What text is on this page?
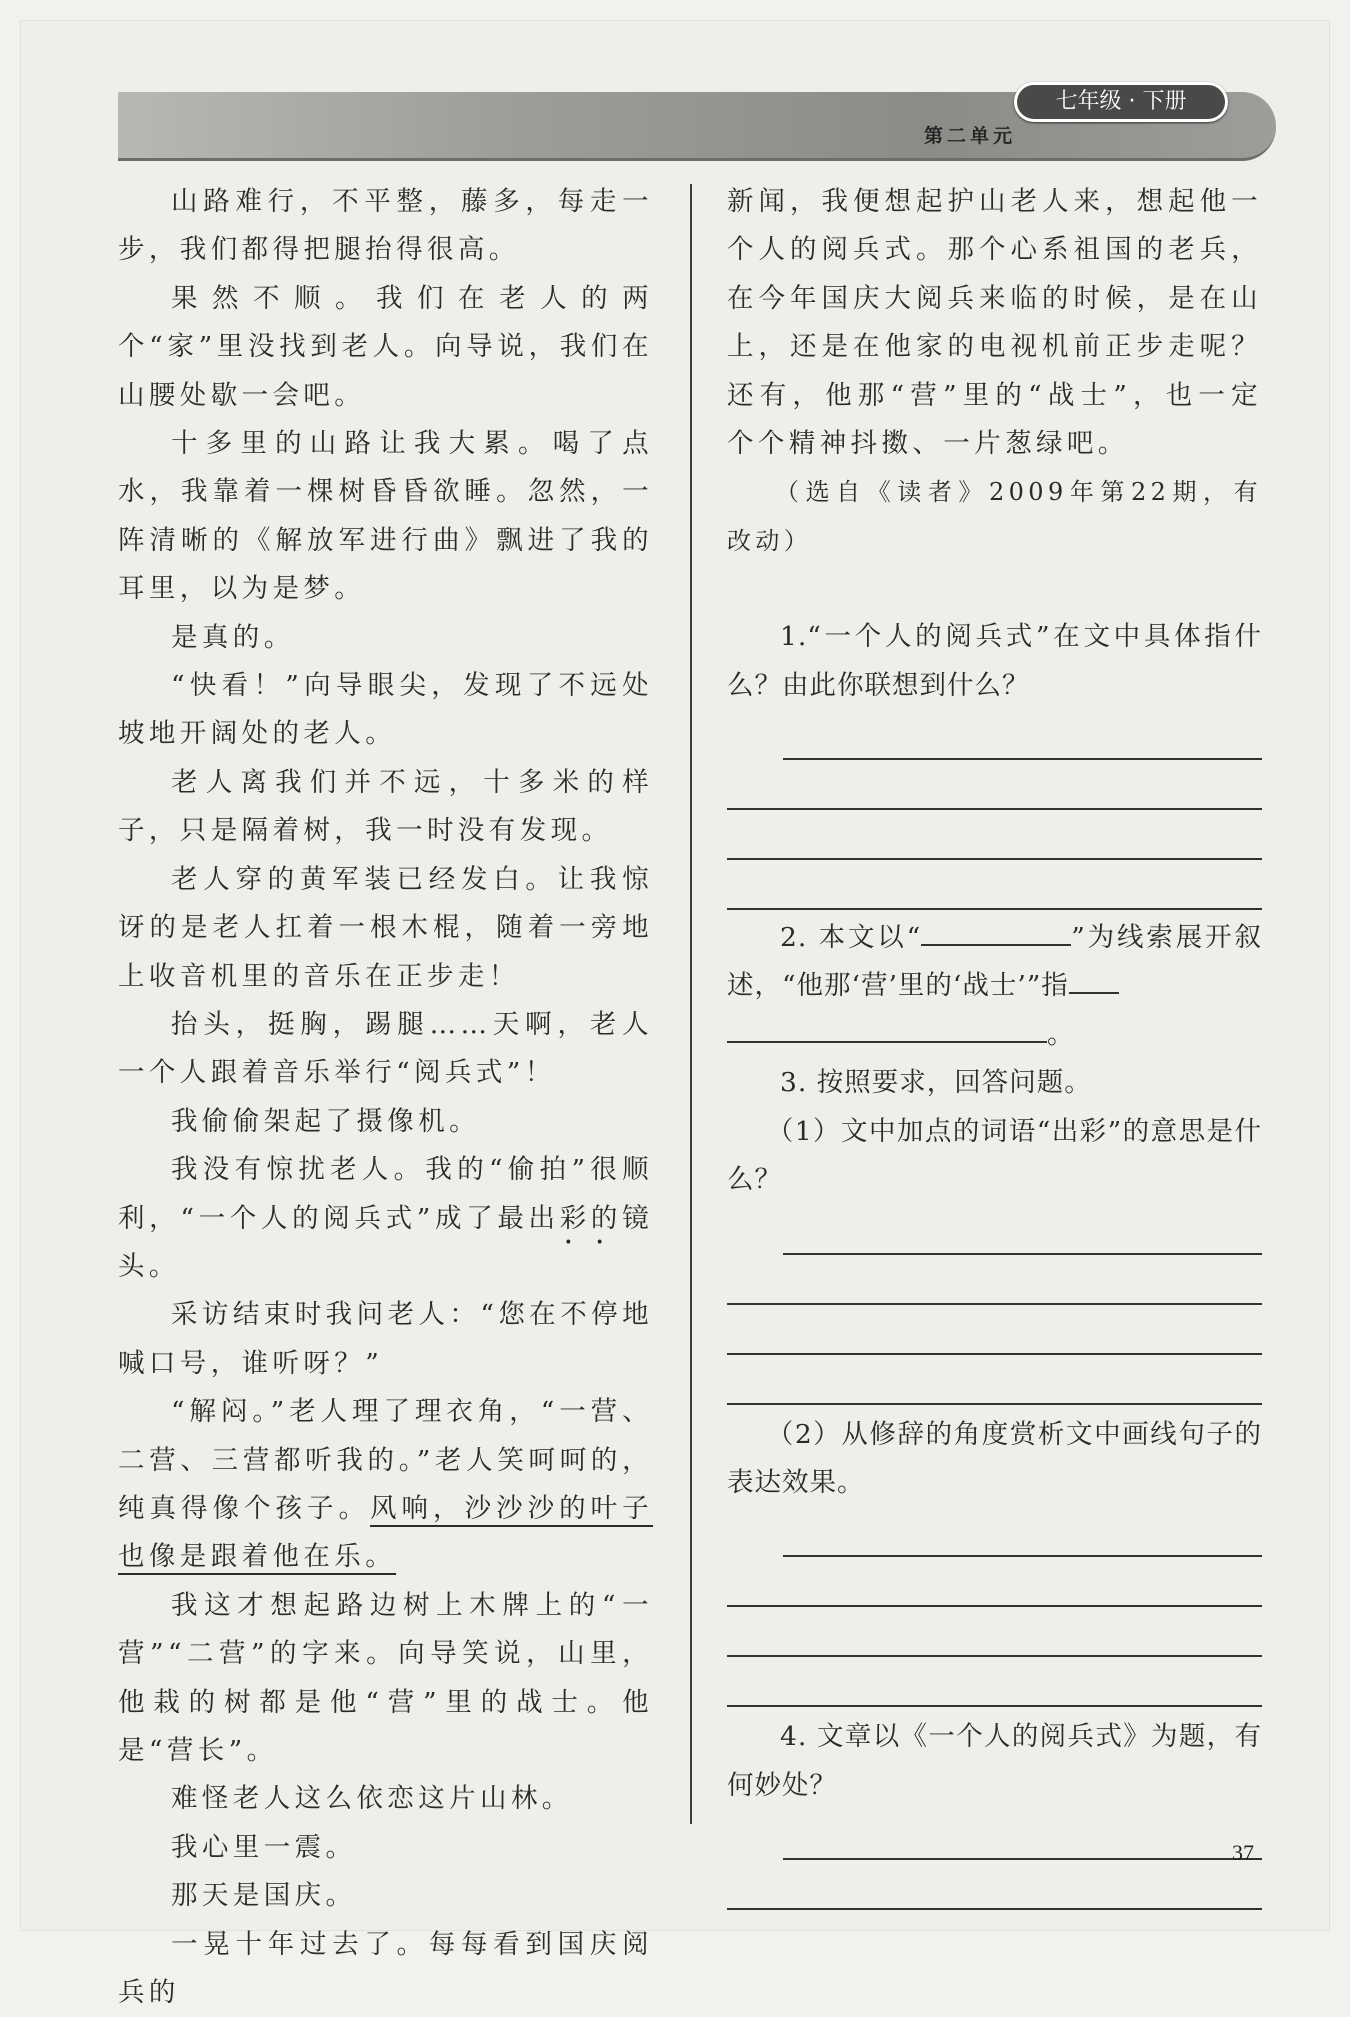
七年级 · 下册
第二单元

山路难行，不平整，藤多，每走一步，我们都得把腿抬得很高。

果然不顺。我们在老人的两个“家”里没找到老人。向导说，我们在山腰处歇一会吧。

十多里的山路让我大累。喝了点水，我靠着一棵树昏昏欲睡。忽然，一阵清晰的《解放军进行曲》飘进了我的耳里，以为是梦。

是真的。

“快看！”向导眼尖，发现了不远处坡地开阔处的老人。

老人离我们并不远，十多米的样子，只是隔着树，我一时没有发现。

老人穿的黄军装已经发白。让我惊讶的是老人扛着一根木棍，随着一旁地上收音机里的音乐在正步走！

抬头，挺胸，踢腿……天啊，老人一个人跟着音乐举行“阅兵式”！

我偷偷架起了摄像机。

我没有惊扰老人。我的“偷拍”很顺利，“一个人的阅兵式”成了最出彩的镜头。

采访结束时我问老人：“您在不停地喊口号，谁听呀？”

“解闷。”老人理了理衣角，“一营、二营、三营都听我的。”老人笑呵呵的，纯真得像个孩子。风响，沙沙沙的叶子也像是跟着他在乐。

我这才想起路边树上木牌上的“一营”“二营”的字来。向导笑说，山里，他栽的树都是他“营”里的战士。他是“营长”。

难怪老人这么依恋这片山林。

我心里一震。

那天是国庆。

一晃十年过去了。每每看到国庆阅兵的

新闻，我便想起护山老人来，想起他一个人的阅兵式。那个心系祖国的老兵，在今年国庆大阅兵来临的时候，是在山上，还是在他家的电视机前正步走呢？还有，他那“营”里的“战士”，也一定个个精神抖擞、一片葱绿吧。

（选自《读者》2009年第22期，有改动）

1.“一个人的阅兵式”在文中具体指什么？由此你联想到什么？

2. 本文以“	”为线索展开叙述，“他那‘营’里的‘战士’”指

。

3. 按照要求，回答问题。

（1）文中加点的词语“出彩”的意思是什么？

（2）从修辞的角度赏析文中画线句子的表达效果。

4. 文章以《一个人的阅兵式》为题，有何妙处？

37
